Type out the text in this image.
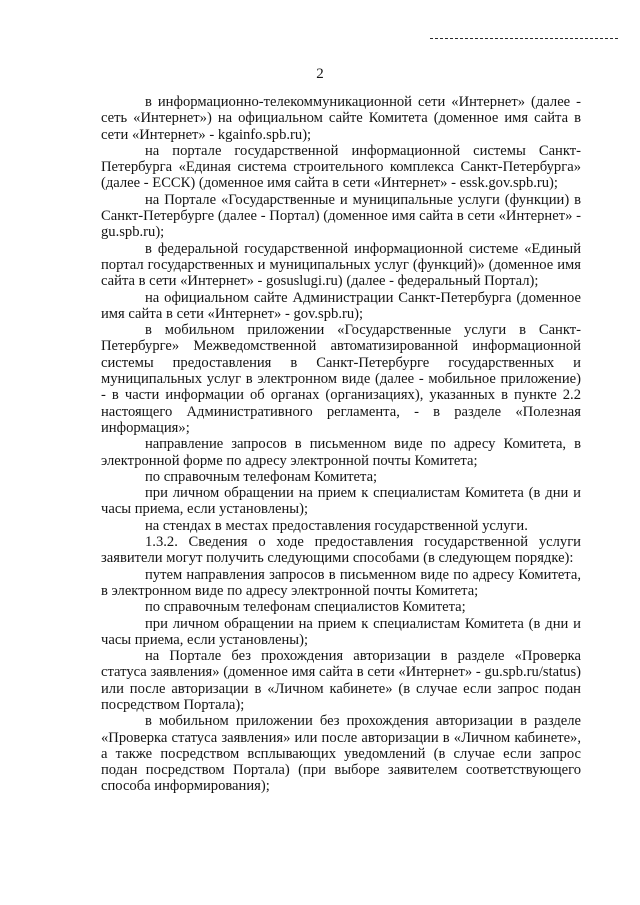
2

в информационно-телекоммуникационной сети «Интернет» (далее - сеть «Интернет») на официальном сайте Комитета (доменное имя сайта в сети «Интернет» - kgainfo.spb.ru);

на портале государственной информационной системы Санкт-Петербурга «Единая система строительного комплекса Санкт-Петербурга» (далее - ЕССК) (доменное имя сайта в сети «Интернет» - essk.gov.spb.ru);

на Портале «Государственные и муниципальные услуги (функции) в Санкт-Петербурге (далее - Портал) (доменное имя сайта в сети «Интернет» - gu.spb.ru);

в федеральной государственной информационной системе «Единый портал государственных и муниципальных услуг (функций)» (доменное имя сайта в сети «Интернет» - gosuslugi.ru) (далее - федеральный Портал);

на официальном сайте Администрации Санкт-Петербурга (доменное имя сайта в сети «Интернет» - gov.spb.ru);

в мобильном приложении «Государственные услуги в Санкт-Петербурге» Межведомственной автоматизированной информационной системы предоставления в Санкт-Петербурге государственных и муниципальных услуг в электронном виде (далее - мобильное приложение) - в части информации об органах (организациях), указанных в пункте 2.2 настоящего Административного регламента, - в разделе «Полезная информация»;

направление запросов в письменном виде по адресу Комитета, в электронной форме по адресу электронной почты Комитета;

по справочным телефонам Комитета;

при личном обращении на прием к специалистам Комитета (в дни и часы приема, если установлены);

на стендах в местах предоставления государственной услуги.

1.3.2. Сведения о ходе предоставления государственной услуги заявители могут получить следующими способами (в следующем порядке):

путем направления запросов в письменном виде по адресу Комитета, в электронном виде по адресу электронной почты Комитета;

по справочным телефонам специалистов Комитета;

при личном обращении на прием к специалистам Комитета (в дни и часы приема, если установлены);

на Портале без прохождения авторизации в разделе «Проверка статуса заявления» (доменное имя сайта в сети «Интернет» - gu.spb.ru/status) или после авторизации в «Личном кабинете» (в случае если запрос подан посредством Портала);

в мобильном приложении без прохождения авторизации в разделе «Проверка статуса заявления» или после авторизации в «Личном кабинете», а также посредством всплывающих уведомлений (в случае если запрос подан посредством Портала) (при выборе заявителем соответствующего способа информирования);
